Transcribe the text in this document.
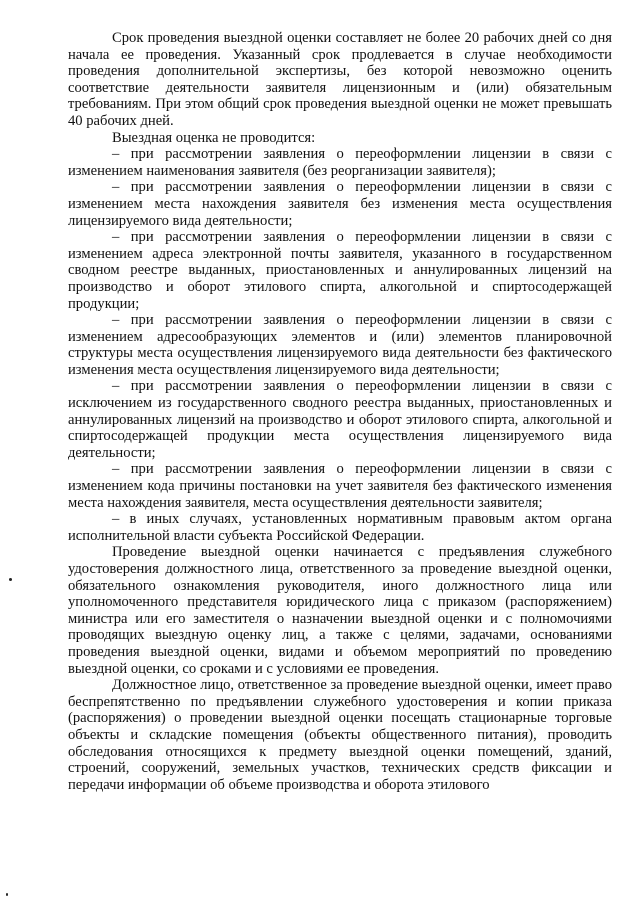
Срок проведения выездной оценки составляет не более 20 рабочих дней со дня начала ее проведения. Указанный срок продлевается в случае необходимости проведения дополнительной экспертизы, без которой невозможно оценить соответствие деятельности заявителя лицензионным и (или) обязательным требованиям. При этом общий срок проведения выездной оценки не может превышать 40 рабочих дней.

Выездная оценка не проводится:

– при рассмотрении заявления о переоформлении лицензии в связи с изменением наименования заявителя (без реорганизации заявителя);

– при рассмотрении заявления о переоформлении лицензии в связи с изменением места нахождения заявителя без изменения места осуществления лицензируемого вида деятельности;

– при рассмотрении заявления о переоформлении лицензии в связи с изменением адреса электронной почты заявителя, указанного в государственном сводном реестре выданных, приостановленных и аннулированных лицензий на производство и оборот этилового спирта, алкогольной и спиртосодержащей продукции;

– при рассмотрении заявления о переоформлении лицензии в связи с изменением адресообразующих элементов и (или) элементов планировочной структуры места осуществления лицензируемого вида деятельности без фактического изменения места осуществления лицензируемого вида деятельности;

– при рассмотрении заявления о переоформлении лицензии в связи с исключением из государственного сводного реестра выданных, приостановленных и аннулированных лицензий на производство и оборот этилового спирта, алкогольной и спиртосодержащей продукции места осуществления лицензируемого вида деятельности;

– при рассмотрении заявления о переоформлении лицензии в связи с изменением кода причины постановки на учет заявителя без фактического изменения места нахождения заявителя, места осуществления деятельности заявителя;

– в иных случаях, установленных нормативным правовым актом органа исполнительной власти субъекта Российской Федерации.

Проведение выездной оценки начинается с предъявления служебного удостоверения должностного лица, ответственного за проведение выездной оценки, обязательного ознакомления руководителя, иного должностного лица или уполномоченного представителя юридического лица с приказом (распоряжением) министра или его заместителя о назначении выездной оценки и с полномочиями проводящих выездную оценку лиц, а также с целями, задачами, основаниями проведения выездной оценки, видами и объемом мероприятий по проведению выездной оценки, со сроками и с условиями ее проведения.

Должностное лицо, ответственное за проведение выездной оценки, имеет право беспрепятственно по предъявлении служебного удостоверения и копии приказа (распоряжения) о проведении выездной оценки посещать стационарные торговые объекты и складские помещения (объекты общественного питания), проводить обследования относящихся к предмету выездной оценки помещений, зданий, строений, сооружений, земельных участков, технических средств фиксации и передачи информации об объеме производства и оборота этилового
